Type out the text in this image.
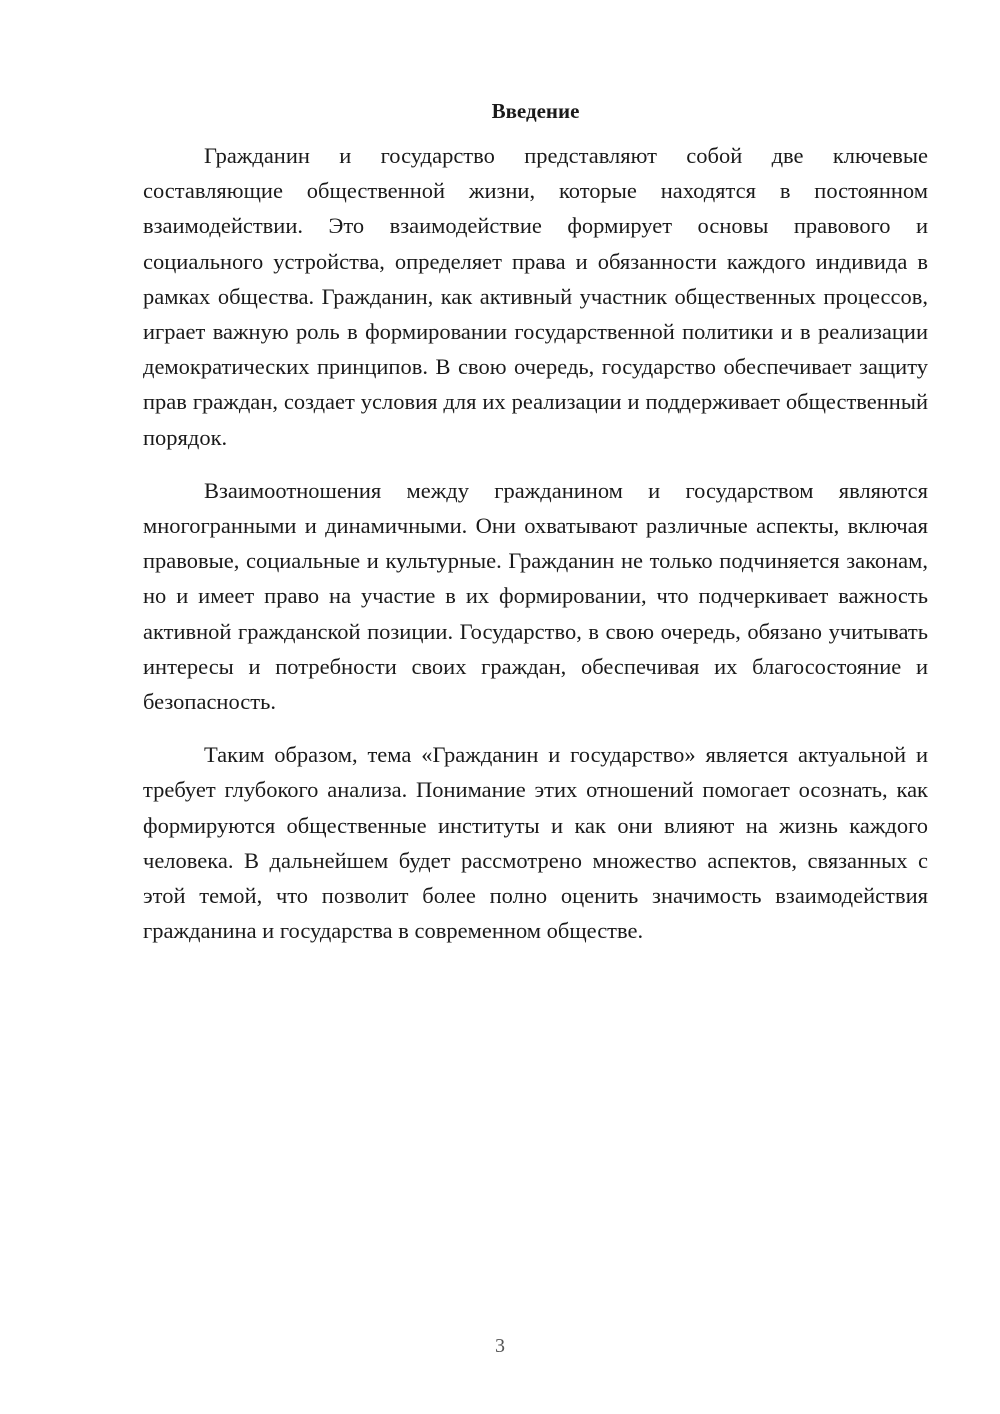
Введение

Гражданин и государство представляют собой две ключевые составляющие общественной жизни, которые находятся в постоянном взаимодействии. Это взаимодействие формирует основы правового и социального устройства, определяет права и обязанности каждого индивида в рамках общества. Гражданин, как активный участник общественных процессов, играет важную роль в формировании государственной политики и в реализации демократических принципов. В свою очередь, государство обеспечивает защиту прав граждан, создает условия для их реализации и поддерживает общественный порядок.

Взаимоотношения между гражданином и государством являются многогранными и динамичными. Они охватывают различные аспекты, включая правовые, социальные и культурные. Гражданин не только подчиняется законам, но и имеет право на участие в их формировании, что подчеркивает важность активной гражданской позиции. Государство, в свою очередь, обязано учитывать интересы и потребности своих граждан, обеспечивая их благосостояние и безопасность.

Таким образом, тема «Гражданин и государство» является актуальной и требует глубокого анализа. Понимание этих отношений помогает осознать, как формируются общественные институты и как они влияют на жизнь каждого человека. В дальнейшем будет рассмотрено множество аспектов, связанных с этой темой, что позволит более полно оценить значимость взаимодействия гражданина и государства в современном обществе.

3
